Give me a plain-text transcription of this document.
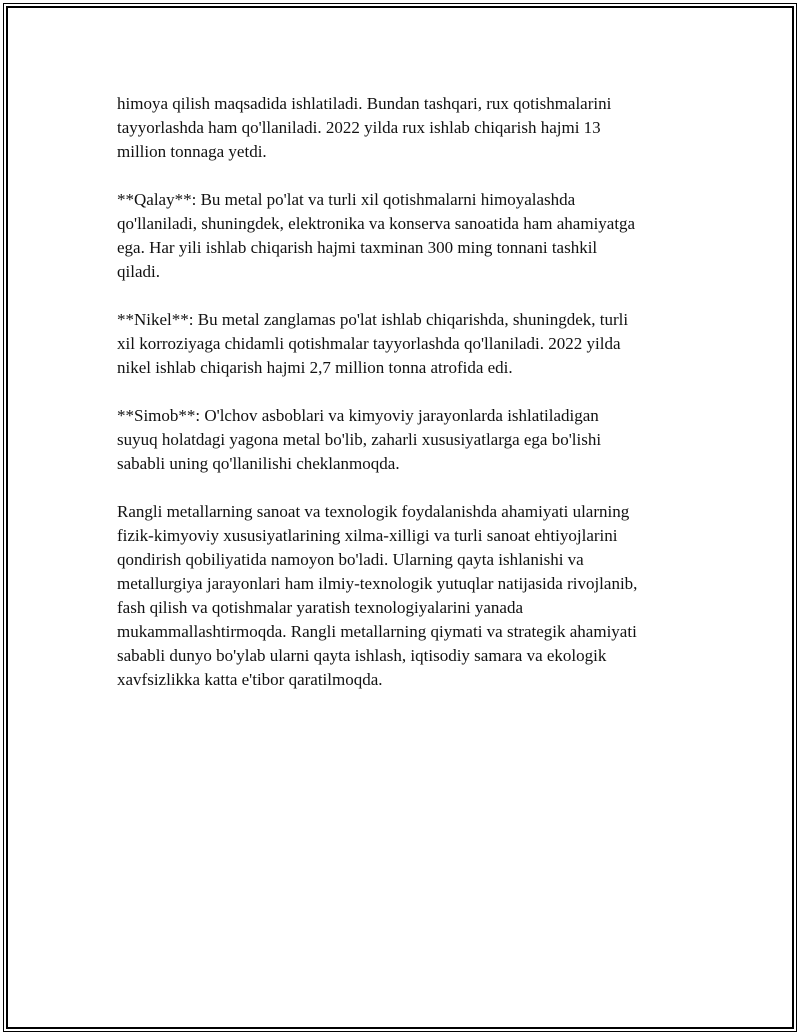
himoya qilish maqsadida ishlatiladi. Bundan tashqari, rux qotishmalarini
tayyorlashda ham qo'llaniladi. 2022 yilda rux ishlab chiqarish hajmi 13
million tonnaga yetdi.

**Qalay**: Bu metal po'lat va turli xil qotishmalarni himoyalashda
qo'llaniladi, shuningdek, elektronika va konserva sanoatida ham ahamiyatga
ega. Har yili ishlab chiqarish hajmi taxminan 300 ming tonnani tashkil
qiladi.

**Nikel**: Bu metal zanglamas po'lat ishlab chiqarishda, shuningdek, turli
xil korroziyaga chidamli qotishmalar tayyorlashda qo'llaniladi. 2022 yilda
nikel ishlab chiqarish hajmi 2,7 million tonna atrofida edi.

**Simob**: O'lchov asboblari va kimyoviy jarayonlarda ishlatiladigan
suyuq holatdagi yagona metal bo'lib, zaharli xususiyatlarga ega bo'lishi
sababli uning qo'llanilishi cheklanmoqda.

Rangli metallarning sanoat va texnologik foydalanishda ahamiyati ularning
fizik-kimyoviy xususiyatlarining xilma-xilligi va turli sanoat ehtiyojlarini
qondirish qobiliyatida namoyon bo'ladi. Ularning qayta ishlanishi va
metallurgiya jarayonlari ham ilmiy-texnologik yutuqlar natijasida rivojlanib,
fash qilish va qotishmalar yaratish texnologiyalarini yanada
mukammallashtirmoqda. Rangli metallarning qiymati va strategik ahamiyati
sababli dunyo bo'ylab ularni qayta ishlash, iqtisodiy samara va ekologik
xavfsizlikka katta e'tibor qaratilmoqda.
